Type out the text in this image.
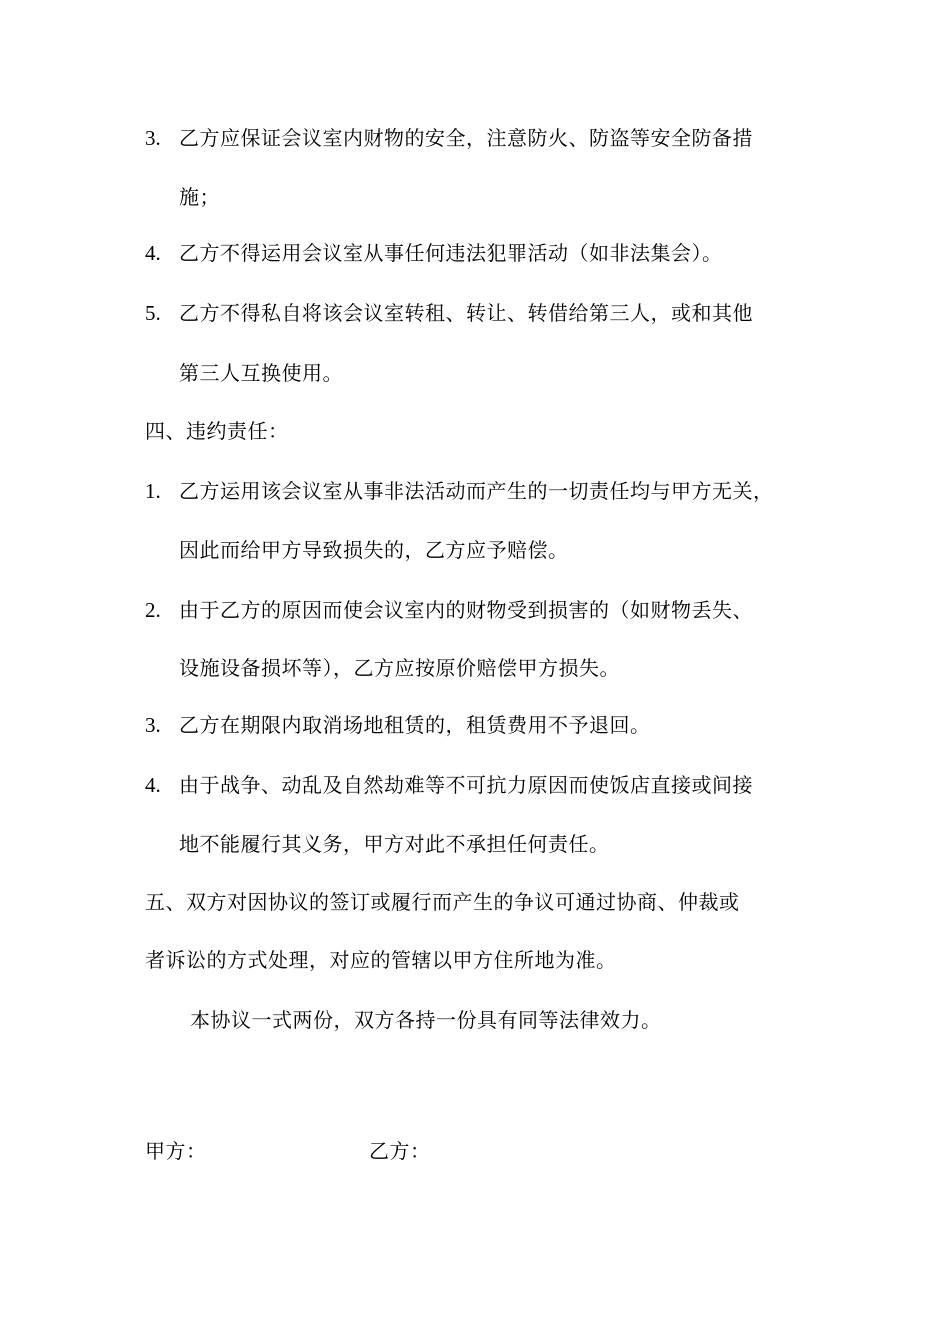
3. 乙方应保证会议室内财物的安全，注意防火、防盗等安全防备措
施；
4. 乙方不得运用会议室从事任何违法犯罪活动（如非法集会）。
5. 乙方不得私自将该会议室转租、转让、转借给第三人，或和其他
第三人互换使用。
四、违约责任：
1. 乙方运用该会议室从事非法活动而产生的一切责任均与甲方无关，
因此而给甲方导致损失的，乙方应予赔偿。
2. 由于乙方的原因而使会议室内的财物受到损害的（如财物丢失、
设施设备损坏等），乙方应按原价赔偿甲方损失。
3. 乙方在期限内取消场地租赁的，租赁费用不予退回。
4. 由于战争、动乱及自然劫难等不可抗力原因而使饭店直接或间接
地不能履行其义务，甲方对此不承担任何责任。
五、双方对因协议的签订或履行而产生的争议可通过协商、仲裁或
者诉讼的方式处理，对应的管辖以甲方住所地为准。
本协议一式两份，双方各持一份具有同等法律效力。
甲方：	乙方：
